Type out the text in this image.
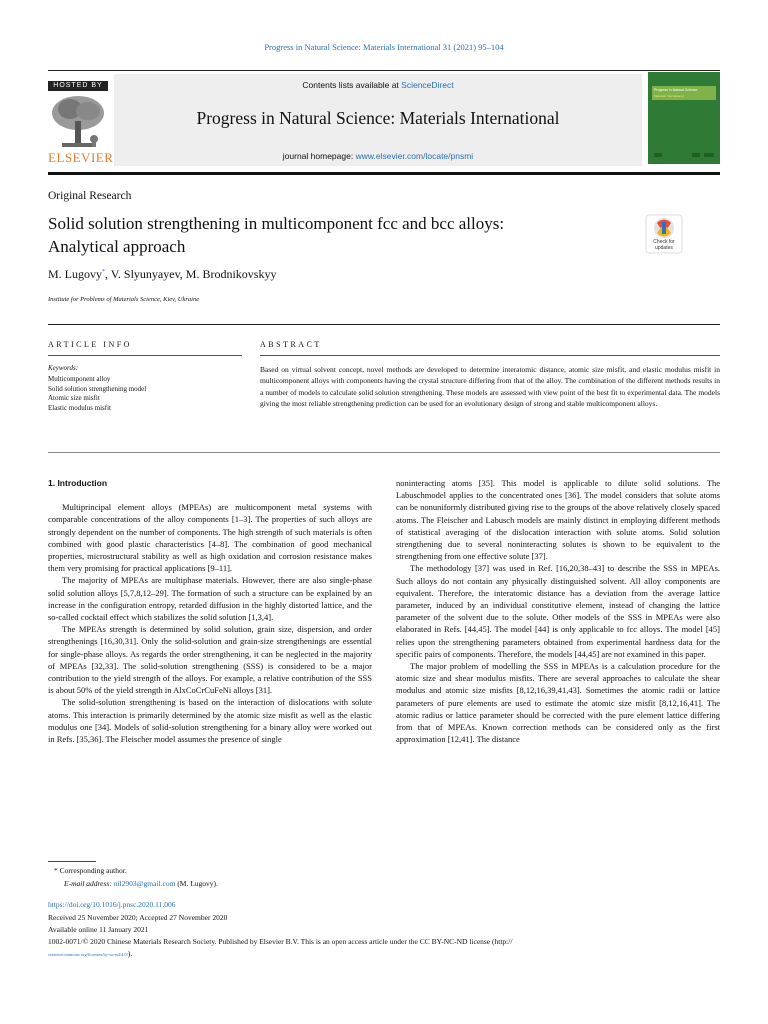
Progress in Natural Science: Materials International 31 (2021) 95–104
HOSTED BY
ELSEVIER
Contents lists available at ScienceDirect
Progress in Natural Science: Materials International
journal homepage: www.elsevier.com/locate/pnsmi
Progress in Natural Science
Materials International
Original Research
Solid solution strengthening in multicomponent fcc and bcc alloys:
Analytical approach	Check for updates
M. Lugovy*, V. Slyunyayev, M. Brodnikovskyy
Institute for Problems of Materials Science, Kiev, Ukraine
ARTICLE INFO	ABSTRACT
Keywords:
Multicomponent alloy
Solid solution strengthening model
Atomic size misfit
Elastic modulus misfit
Based on virtual solvent concept, novel methods are developed to determine interatomic distance, atomic size misfit, and elastic modulus misfit in multicomponent alloys with components having the crystal structure differing from that of the alloy. The combination of the different methods results in a number of models to calculate solid solution strengthening. These models are assessed with view point of the best fit to experimental data. The models giving the most reliable strengthening prediction can be used for an evolutionary design of strong and stable multicomponent alloys.

1. Introduction

Multiprincipal element alloys (MPEAs) are multicomponent metal systems with comparable concentrations of the alloy components [1–3]. The properties of such alloys are strongly dependent on the number of components. The high strength of such materials is often combined with good plastic characteristics [4–8]. The combination of good mechanical properties, microstructural stability as well as high oxidation and corrosion resistance makes them very promising for practical applications [9–11].

The majority of MPEAs are multiphase materials. However, there are also single-phase solid solution alloys [5,7,8,12–29]. The formation of such a structure can be explained by an increase in the configuration entropy, retarded diffusion in the highly distorted lattice, and the so-called cocktail effect which stabilizes the solid solution [1,3,4].

The MPEAs strength is determined by solid solution, grain size, dispersion, and order strengthenings [16,30,31]. Only the solid-solution and grain-size strengthenings are essential for single-phase alloys. As regards the order strengthening, it can be neglected in the majority of MPEAs [32,33]. The solid-solution strengthening (SSS) is considered to be a major contribution to the yield strength of the alloys. For example, a relative contribution of the SSS is about 50% of the yield strength in AlxCoCrCuFeNi alloys [31].

The solid-solution strengthening is based on the interaction of dislocations with solute atoms. This interaction is primarily determined by the atomic size misfit as well as the elastic modulus one [34]. Models of solid-solution strengthening for a binary alloy were worked out in Refs. [35,36]. The Fleischer model assumes the presence of single

noninteracting atoms [35]. This model is applicable to dilute solid solutions. The Labuschmodel applies to the concentrated ones [36]. The model considers that solute atoms can be nonuniformly distributed giving rise to the groups of the above relatively closely spaced atoms. The Fleischer and Labusch models are mainly distinct in employing different methods of statistical averaging of the dislocation interaction with solute atoms. Solid solution strengthening due to several noninteracting solutes is shown to be equivalent to the strengthening from one effective solute [37].

The methodology [37] was used in Ref. [16,20,38–43] to describe the SSS in MPEAs. Such alloys do not contain any physically distinguished solvent. All alloy components are equivalent. Therefore, the interatomic distance has a deviation from the average lattice parameter, induced by an individual constitutive element, instead of changing the lattice parameter of the solvent due to the solute. Other models of the SSS in MPEAs were also elaborated in Refs. [44,45]. The model [44] is only applicable to fcc alloys. The model [45] relies upon the strengthening parameters obtained from experimental hardness data for the specific pairs of components. Therefore, the models [44,45] are not examined in this paper.

The major problem of modelling the SSS in MPEAs is a calculation procedure for the atomic size and shear modulus misfits. There are several approaches to calculate the shear modulus and atomic size misfits [8,12,16,39,41,43]. Sometimes the atomic radii or lattice parameters of pure elements are used to estimate the atomic size misfit [8,12,16,41]. The atomic radius or lattice parameter should be corrected with the pure element lattice differing from that of MPEAs. Known correction methods can be considered only as the first approximation [12,41]. The distance

* Corresponding author.
E-mail address: nil2903@gmail.com (M. Lugovy).
https://doi.org/10.1016/j.pnsc.2020.11.006
Received 25 November 2020; Accepted 27 November 2020
Available online 11 January 2021
1002-0071/© 2020 Chinese Materials Research Society. Published by Elsevier B.V. This is an open access article under the CC BY-NC-ND license (http://
creativecommons.org/licenses/by-nc-nd/4.0/).
